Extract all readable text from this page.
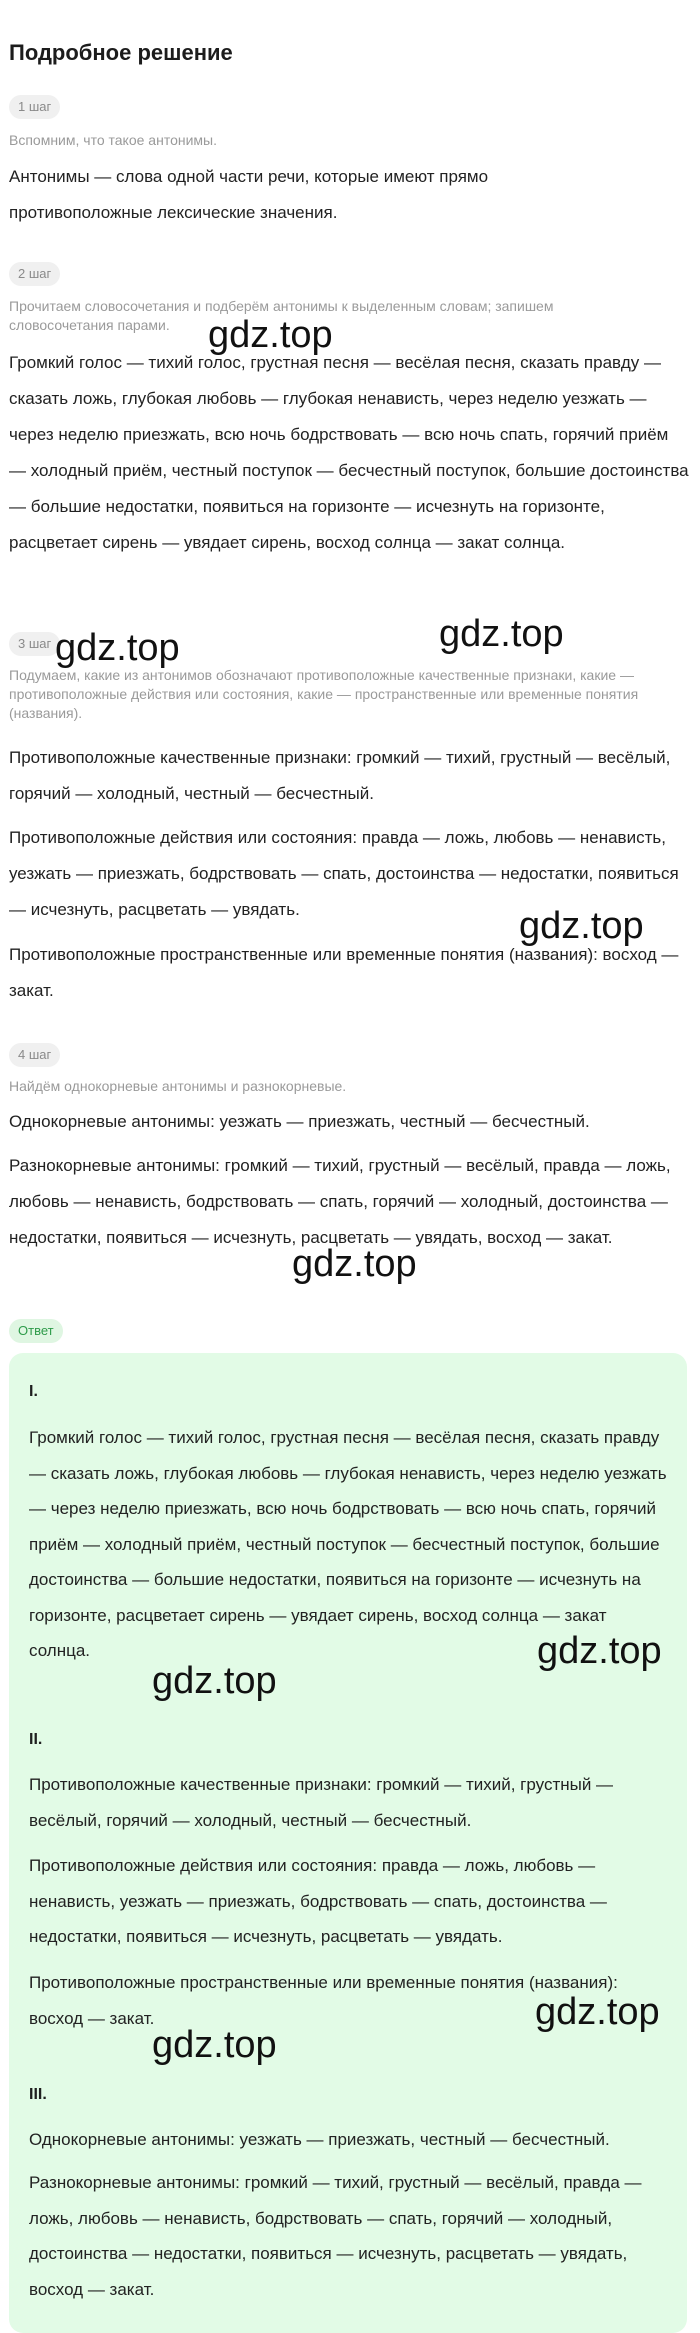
Подробное решение
1 шаг
Вспомним, что такое антонимы.
Антонимы — слова одной части речи, которые имеют прямо противоположные лексические значения.
2 шаг
Прочитаем словосочетания и подберём антонимы к выделенным словам; запишем словосочетания парами.
Громкий голос — тихий голос, грустная песня — весёлая песня, сказать правду — сказать ложь, глубокая любовь — глубокая ненависть, через неделю уезжать — через неделю приезжать, всю ночь бодрствовать — всю ночь спать, горячий приём — холодный приём, честный поступок — бесчестный поступок, большие достоинства — большие недостатки, появиться на горизонте — исчезнуть на горизонте, расцветает сирень — увядает сирень, восход солнца — закат солнца.
3 шаг
Подумаем, какие из антонимов обозначают противоположные качественные признаки, какие — противоположные действия или состояния, какие — пространственные или временные понятия (названия).
Противоположные качественные признаки: громкий — тихий, грустный — весёлый, горячий — холодный, честный — бесчестный.
Противоположные действия или состояния: правда — ложь, любовь — ненависть, уезжать — приезжать, бодрствовать — спать, достоинства — недостатки, появиться — исчезнуть, расцветать — увядать.
Противоположные пространственные или временные понятия (названия): восход — закат.
4 шаг
Найдём однокорневые антонимы и разнокорневые.
Однокорневые антонимы: уезжать — приезжать, честный — бесчестный.
Разнокорневые антонимы: громкий — тихий, грустный — весёлый, правда — ложь, любовь — ненависть, бодрствовать — спать, горячий — холодный, достоинства — недостатки, появиться — исчезнуть, расцветать — увядать, восход — закат.
Ответ
I.
Громкий голос — тихий голос, грустная песня — весёлая песня, сказать правду — сказать ложь, глубокая любовь — глубокая ненависть, через неделю уезжать — через неделю приезжать, всю ночь бодрствовать — всю ночь спать, горячий приём — холодный приём, честный поступок — бесчестный поступок, большие достоинства — большие недостатки, появиться на горизонте — исчезнуть на горизонте, расцветает сирень — увядает сирень, восход солнца — закат солнца.
II.
Противоположные качественные признаки: громкий — тихий, грустный — весёлый, горячий — холодный, честный — бесчестный.
Противоположные действия или состояния: правда — ложь, любовь — ненависть, уезжать — приезжать, бодрствовать — спать, достоинства — недостатки, появиться — исчезнуть, расцветать — увядать.
Противоположные пространственные или временные понятия (названия): восход — закат.
III.
Однокорневые антонимы: уезжать — приезжать, честный — бесчестный.
Разнокорневые антонимы: громкий — тихий, грустный — весёлый, правда — ложь, любовь — ненависть, бодрствовать — спать, горячий — холодный, достоинства — недостатки, появиться — исчезнуть, расцветать — увядать, восход — закат.
gdz.top
gdz.top	gdz.top
gdz.top
gdz.top
gdz.top
gdz.top
gdz.top
gdz.top
